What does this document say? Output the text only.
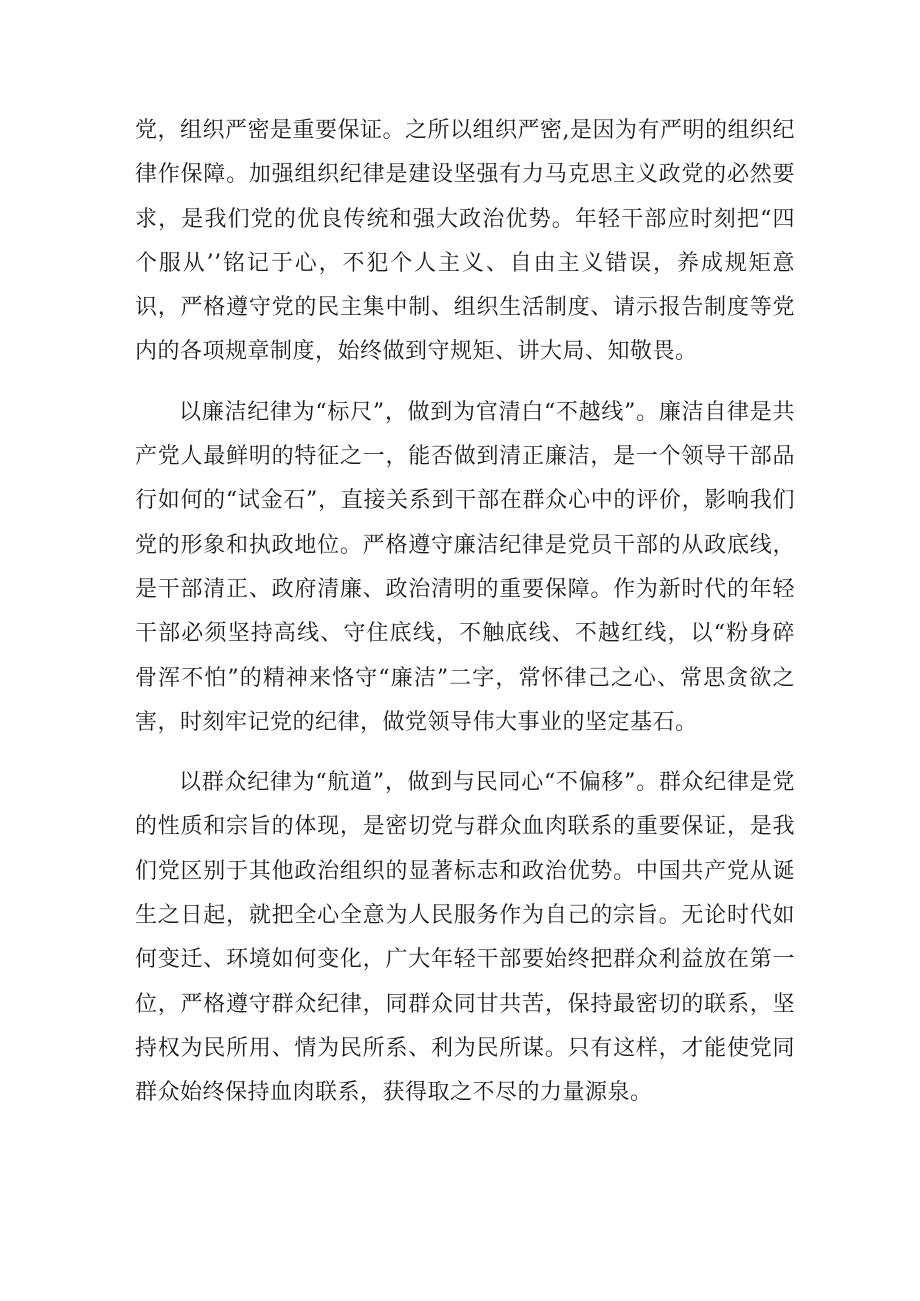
党，组织严密是重要保证。之所以组织严密,是因为有严明的组织纪律作保障。加强组织纪律是建设坚强有力马克思主义政党的必然要求，是我们党的优良传统和强大政治优势。年轻干部应时刻把“四个服从’’铭记于心，不犯个人主义、自由主义错误，养成规矩意识，严格遵守党的民主集中制、组织生活制度、请示报告制度等党内的各项规章制度，始终做到守规矩、讲大局、知敬畏。

以廉洁纪律为“标尺”，做到为官清白“不越线”。廉洁自律是共产党人最鲜明的特征之一，能否做到清正廉洁，是一个领导干部品行如何的“试金石”，直接关系到干部在群众心中的评价，影响我们党的形象和执政地位。严格遵守廉洁纪律是党员干部的从政底线，是干部清正、政府清廉、政治清明的重要保障。作为新时代的年轻干部必须坚持高线、守住底线，不触底线、不越红线，以“粉身碎骨浑不怕”的精神来恪守“廉洁”二字，常怀律己之心、常思贪欲之害，时刻牢记党的纪律，做党领导伟大事业的坚定基石。

以群众纪律为“航道”，做到与民同心“不偏移”。群众纪律是党的性质和宗旨的体现，是密切党与群众血肉联系的重要保证，是我们党区别于其他政治组织的显著标志和政治优势。中国共产党从诞生之日起，就把全心全意为人民服务作为自己的宗旨。无论时代如何变迁、环境如何变化，广大年轻干部要始终把群众利益放在第一位，严格遵守群众纪律，同群众同甘共苦，保持最密切的联系，坚持权为民所用、情为民所系、利为民所谋。只有这样，才能使党同群众始终保持血肉联系，获得取之不尽的力量源泉。
